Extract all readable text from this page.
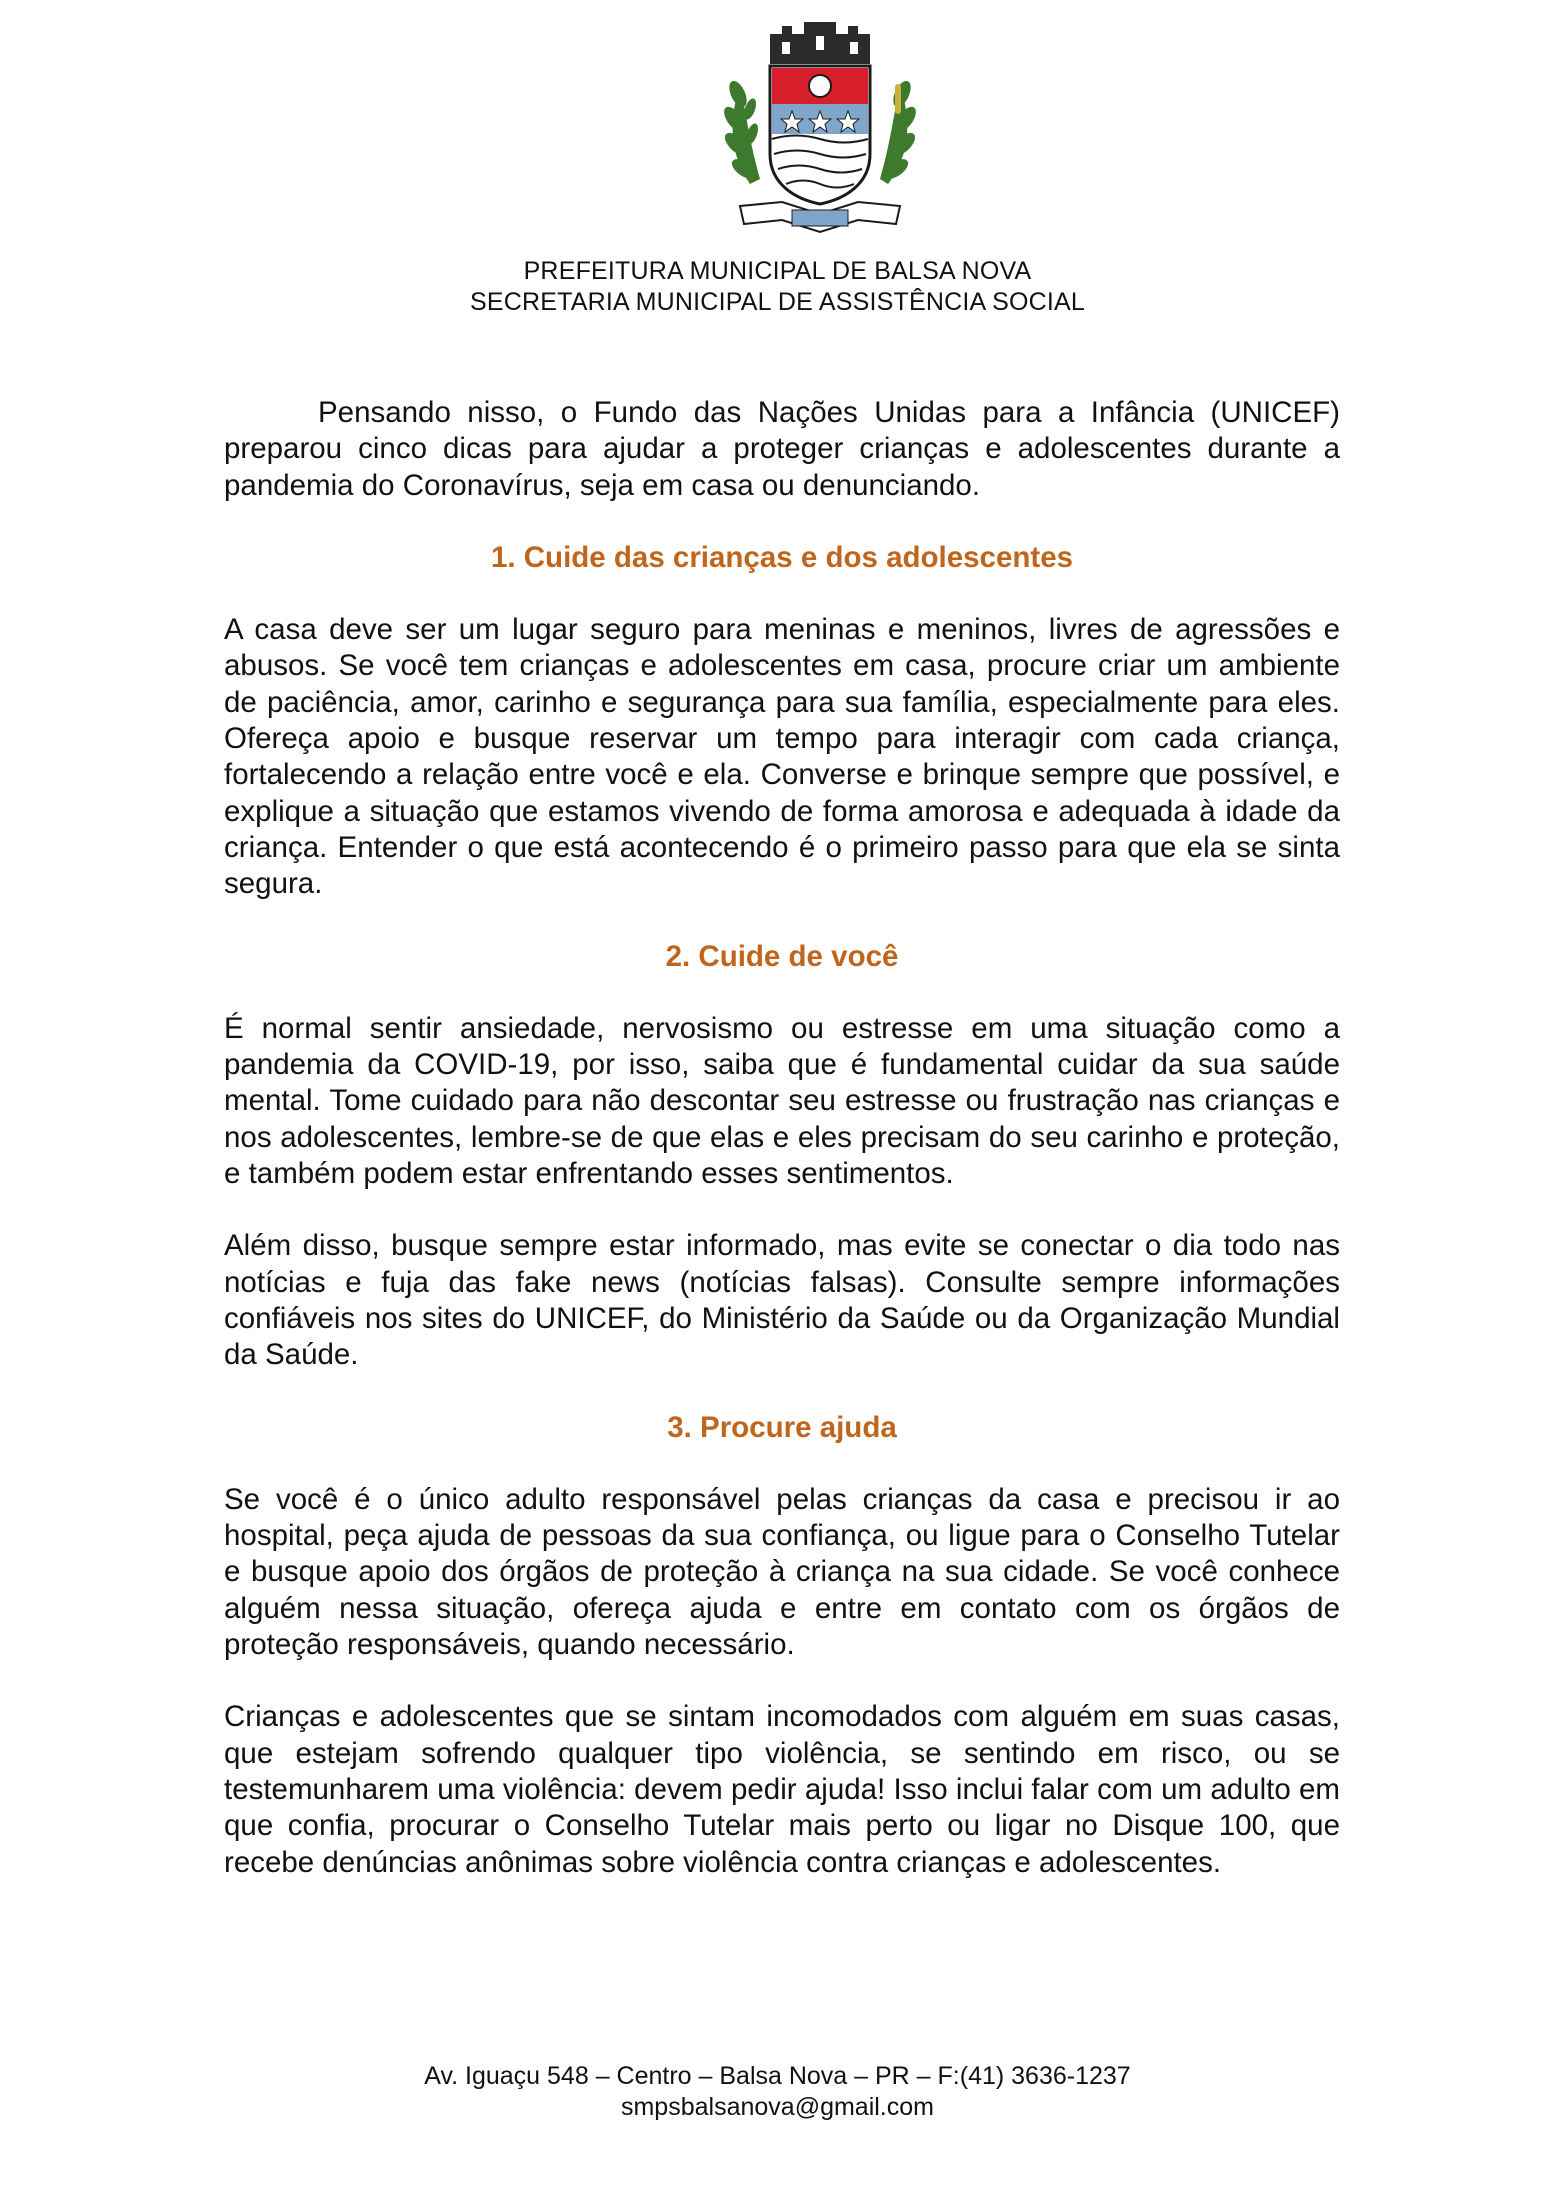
PREFEITURA MUNICIPAL DE BALSA NOVA
SECRETARIA MUNICIPAL DE ASSISTÊNCIA SOCIAL

Pensando nisso, o Fundo das Nações Unidas para a Infância (UNICEF) preparou cinco dicas para ajudar a proteger crianças e adolescentes durante a pandemia do Coronavírus, seja em casa ou denunciando.

1. Cuide das crianças e dos adolescentes

A casa deve ser um lugar seguro para meninas e meninos, livres de agressões e abusos. Se você tem crianças e adolescentes em casa, procure criar um ambiente de paciência, amor, carinho e segurança para sua família, especialmente para eles. Ofereça apoio e busque reservar um tempo para interagir com cada criança, fortalecendo a relação entre você e ela. Converse e brinque sempre que possível, e explique a situação que estamos vivendo de forma amorosa e adequada à idade da criança. Entender o que está acontecendo é o primeiro passo para que ela se sinta segura.

2. Cuide de você

É normal sentir ansiedade, nervosismo ou estresse em uma situação como a pandemia da COVID-19, por isso, saiba que é fundamental cuidar da sua saúde mental. Tome cuidado para não descontar seu estresse ou frustração nas crianças e nos adolescentes, lembre-se de que elas e eles precisam do seu carinho e proteção, e também podem estar enfrentando esses sentimentos.

Além disso, busque sempre estar informado, mas evite se conectar o dia todo nas notícias e fuja das fake news (notícias falsas). Consulte sempre informações confiáveis nos sites do UNICEF, do Ministério da Saúde ou da Organização Mundial da Saúde.

3. Procure ajuda

Se você é o único adulto responsável pelas crianças da casa e precisou ir ao hospital, peça ajuda de pessoas da sua confiança, ou ligue para o Conselho Tutelar e busque apoio dos órgãos de proteção à criança na sua cidade. Se você conhece alguém nessa situação, ofereça ajuda e entre em contato com os órgãos de proteção responsáveis, quando necessário.

Crianças e adolescentes que se sintam incomodados com alguém em suas casas, que estejam sofrendo qualquer tipo violência, se sentindo em risco, ou se testemunharem uma violência: devem pedir ajuda! Isso inclui falar com um adulto em que confia, procurar o Conselho Tutelar mais perto ou ligar no Disque 100, que recebe denúncias anônimas sobre violência contra crianças e adolescentes.

Av. Iguaçu 548 – Centro – Balsa Nova – PR – F:(41) 3636-1237
smpsbalsanova@gmail.com
